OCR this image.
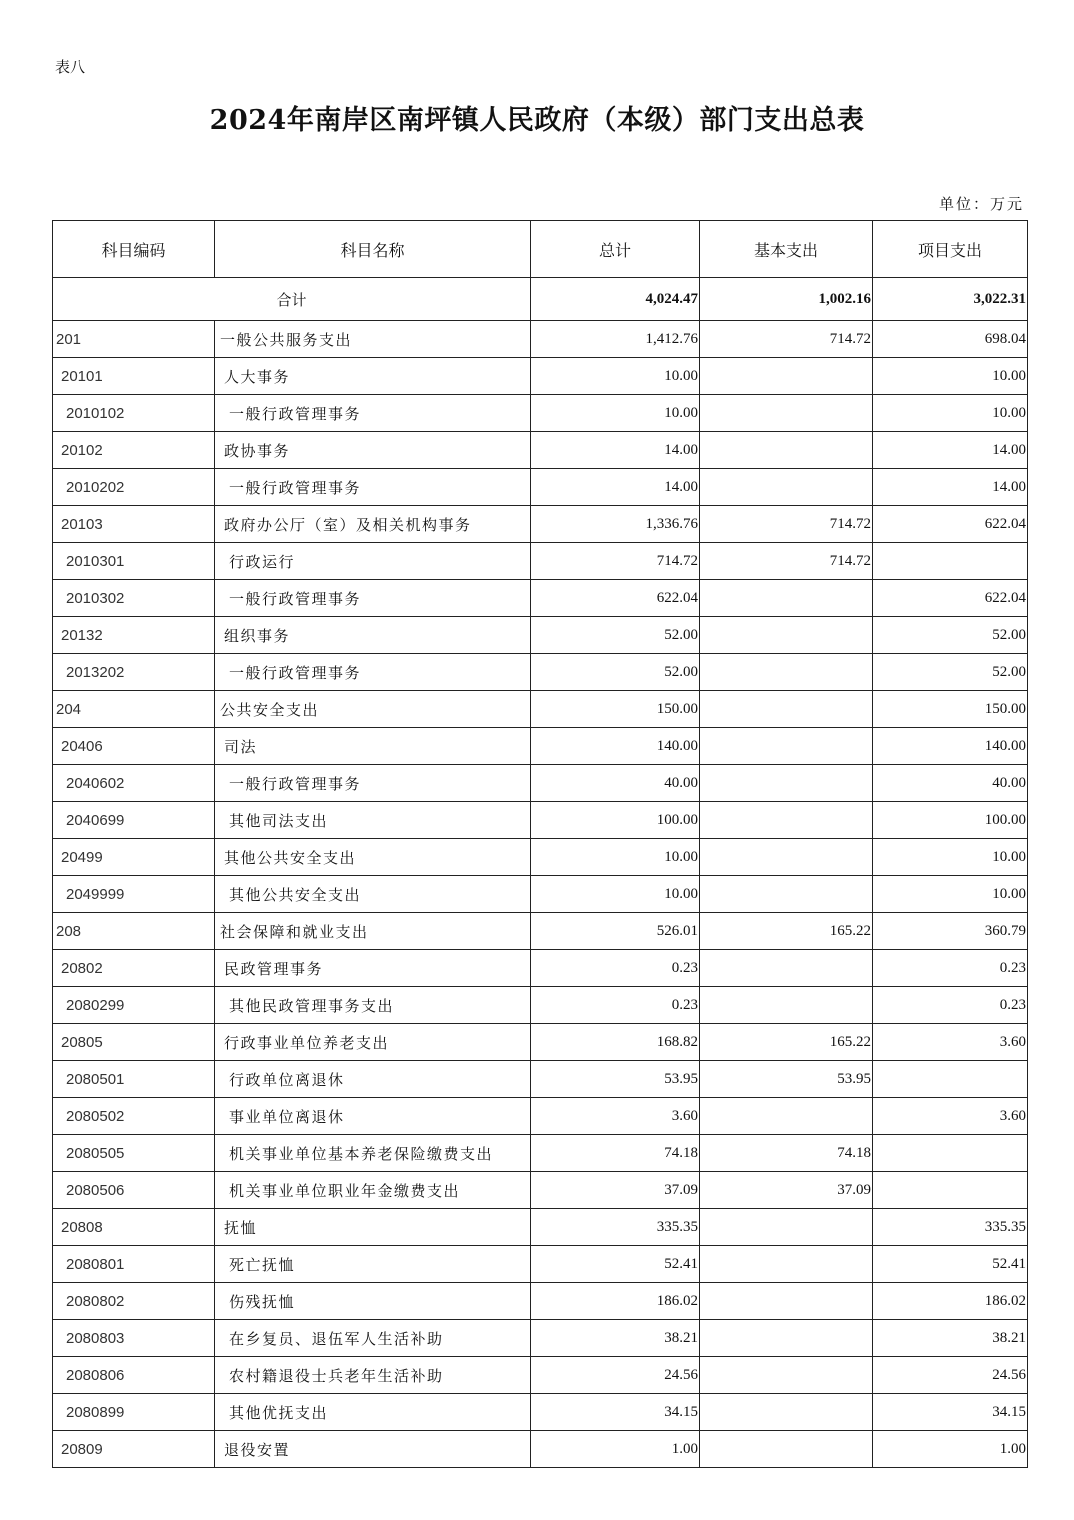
表八
2024年南岸区南坪镇人民政府（本级）部门支出总表
单位：万元
科目编码	科目名称	总计	基本支出	项目支出
合计		4,024.47	1,002.16	3,022.31
201	一般公共服务支出	1,412.76	714.72	698.04
20101	人大事务	10.00		10.00
2010102	一般行政管理事务	10.00		10.00
20102	政协事务	14.00		14.00
2010202	一般行政管理事务	14.00		14.00
20103	政府办公厅（室）及相关机构事务	1,336.76	714.72	622.04
2010301	行政运行	714.72	714.72	
2010302	一般行政管理事务	622.04		622.04
20132	组织事务	52.00		52.00
2013202	一般行政管理事务	52.00		52.00
204	公共安全支出	150.00		150.00
20406	司法	140.00		140.00
2040602	一般行政管理事务	40.00		40.00
2040699	其他司法支出	100.00		100.00
20499	其他公共安全支出	10.00		10.00
2049999	其他公共安全支出	10.00		10.00
208	社会保障和就业支出	526.01	165.22	360.79
20802	民政管理事务	0.23		0.23
2080299	其他民政管理事务支出	0.23		0.23
20805	行政事业单位养老支出	168.82	165.22	3.60
2080501	行政单位离退休	53.95	53.95	
2080502	事业单位离退休	3.60		3.60
2080505	机关事业单位基本养老保险缴费支出	74.18	74.18	
2080506	机关事业单位职业年金缴费支出	37.09	37.09	
20808	抚恤	335.35		335.35
2080801	死亡抚恤	52.41		52.41
2080802	伤残抚恤	186.02		186.02
2080803	在乡复员、退伍军人生活补助	38.21		38.21
2080806	农村籍退役士兵老年生活补助	24.56		24.56
2080899	其他优抚支出	34.15		34.15
20809	退役安置	1.00		1.00
